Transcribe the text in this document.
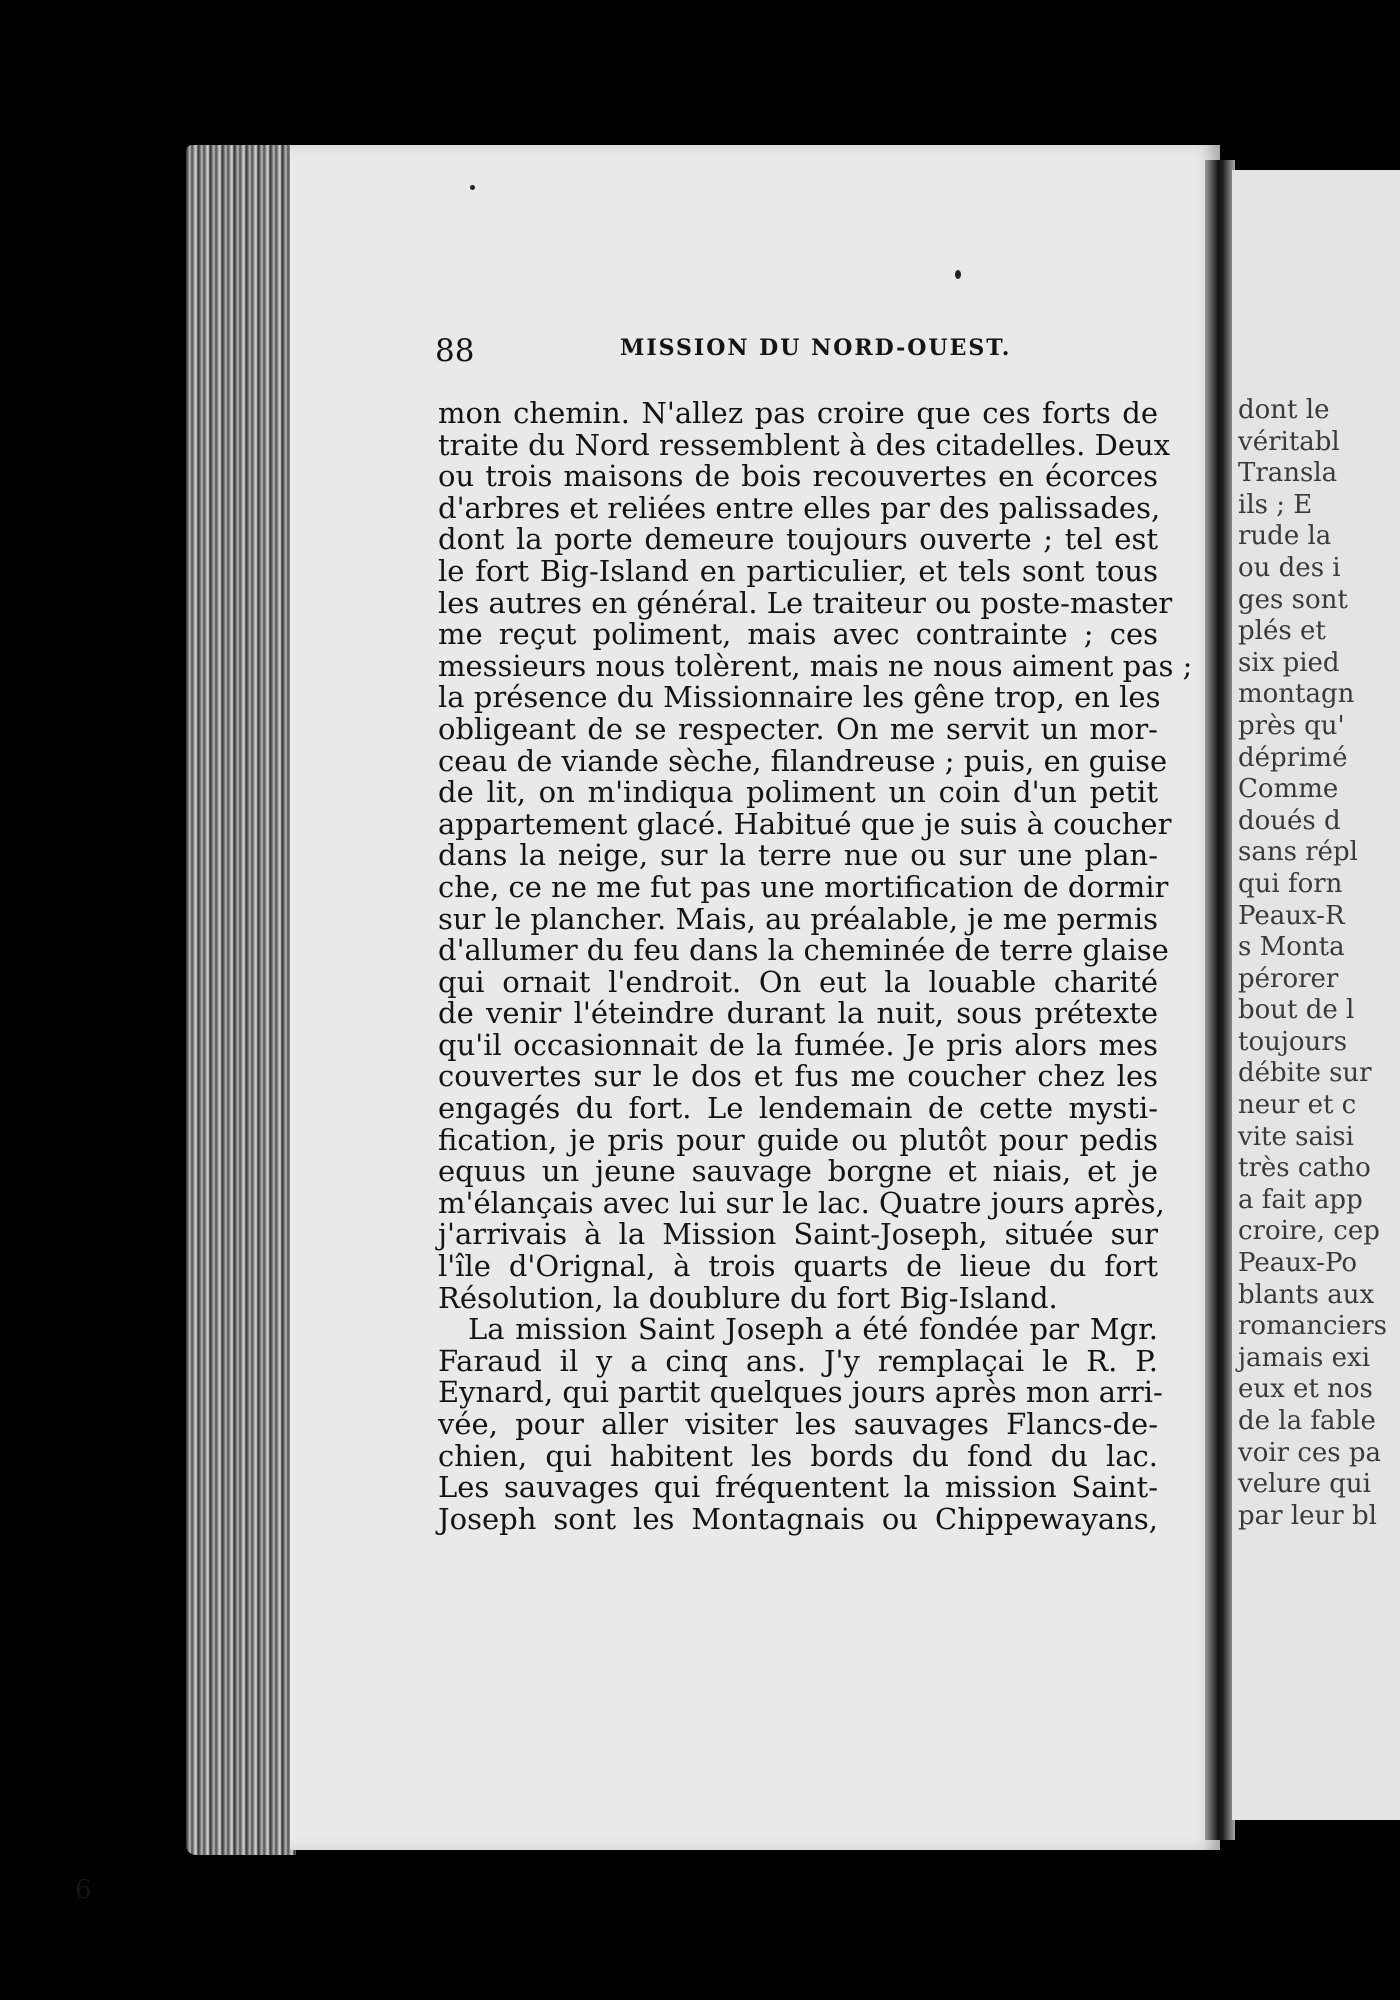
88	MISSION DU NORD-OUEST.
mon chemin. N'allez pas croire que ces forts de
traite du Nord ressemblent à des citadelles. Deux
ou trois maisons de bois recouvertes en écorces
d'arbres et reliées entre elles par des palissades,
dont la porte demeure toujours ouverte ; tel est
le fort Big-Island en particulier, et tels sont tous
les autres en général. Le traiteur ou poste-master
me reçut poliment, mais avec contrainte ; ces
messieurs nous tolèrent, mais ne nous aiment pas ;
la présence du Missionnaire les gêne trop, en les
obligeant de se respecter. On me servit un mor-
ceau de viande sèche, filandreuse ; puis, en guise
de lit, on m'indiqua poliment un coin d'un petit
appartement glacé. Habitué que je suis à coucher
dans la neige, sur la terre nue ou sur une plan-
che, ce ne me fut pas une mortification de dormir
sur le plancher. Mais, au préalable, je me permis
d'allumer du feu dans la cheminée de terre glaise
qui ornait l'endroit. On eut la louable charité
de venir l'éteindre durant la nuit, sous prétexte
qu'il occasionnait de la fumée. Je pris alors mes
couvertes sur le dos et fus me coucher chez les
engagés du fort. Le lendemain de cette mysti-
fication, je pris pour guide ou plutôt pour pedis
equus un jeune sauvage borgne et niais, et je
m'élançais avec lui sur le lac. Quatre jours après,
j'arrivais à la Mission Saint-Joseph, située sur
l'île d'Orignal, à trois quarts de lieue du fort
Résolution, la doublure du fort Big-Island.
La mission Saint Joseph a été fondée par Mgr.
Faraud il y a cinq ans. J'y remplaçai le R. P.
Eynard, qui partit quelques jours après mon arri-
vée, pour aller visiter les sauvages Flancs-de-
chien, qui habitent les bords du fond du lac.
Les sauvages qui fréquentent la mission Saint-
Joseph sont les Montagnais ou Chippewayans,
dont le
véritabl
Transla
ils ; E
rude la
ou des i
ges sont
plés et
six pied
montagn
près qu'
déprimé
Comme
doués d
sans répl
qui forn
Peaux-R
s Monta
pérorer
bout de l
toujours
débite sur
neur et c
vite saisi
très catho
a fait app
croire, cep
Peaux-Po
blants aux
romanciers
jamais exi
eux et nos
de la fable
voir ces pa
velure qui
par leur bl
6
